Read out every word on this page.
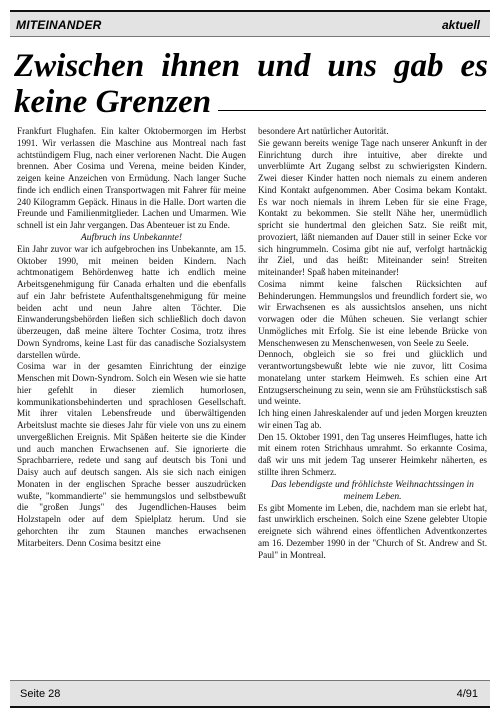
MITEINANDER	aktuell
Zwischen ihnen und uns gab es
keine Grenzen

Frankfurt Flughafen. Ein kalter Oktobermorgen im Herbst 1991. Wir verlassen die Maschine aus Montreal nach fast achtstündigem Flug, nach einer verlorenen Nacht. Die Augen brennen. Aber Cosima und Verena, meine beiden Kinder, zeigen keine Anzeichen von Ermüdung. Nach langer Suche finde ich endlich einen Transportwagen mit Fahrer für meine 240 Kilogramm Gepäck. Hinaus in die Halle. Dort warten die Freunde und Familienmitglieder. Lachen und Umarmen. Wie schnell ist ein Jahr vergangen. Das Abenteuer ist zu Ende.

Aufbruch ins Unbekannte!

Ein Jahr zuvor war ich aufgebrochen ins Unbekannte, am 15. Oktober 1990, mit meinen beiden Kindern. Nach achtmonatigem Behördenweg hatte ich endlich meine Arbeitsgenehmigung für Canada erhalten und die ebenfalls auf ein Jahr befristete Aufenthaltsgenehmigung für meine beiden acht und neun Jahre alten Töchter. Die Einwanderungsbehörden ließen sich schließlich doch davon überzeugen, daß meine ältere Tochter Cosima, trotz ihres Down Syndroms, keine Last für das canadische Sozialsystem darstellen würde.

Cosima war in der gesamten Einrichtung der einzige Menschen mit Down-Syndrom. Solch ein Wesen wie sie hatte hier gefehlt in dieser ziemlich humorlosen, kommunikationsbehinderten und sprachlosen Gesellschaft. Mit ihrer vitalen Lebensfreude und überwältigenden Arbeitslust machte sie dieses Jahr für viele von uns zu einem unvergeßlichen Ereignis. Mit Späßen heiterte sie die Kinder und auch manchen Erwachsenen auf. Sie ignorierte die Sprachbarriere, redete und sang auf deutsch bis Toni und Daisy auch auf deutsch sangen. Als sie sich nach einigen Monaten in der englischen Sprache besser auszudrücken wußte, "kommandierte" sie hemmungslos und selbstbewußt die "großen Jungs" des Jugendlichen-Hauses beim Holzstapeln oder auf dem Spielplatz herum. Und sie gehorchten ihr zum Staunen manches erwachsenen Mitarbeiters. Denn Cosima besitzt eine

besondere Art natürlicher Autorität.

Sie gewann bereits wenige Tage nach unserer Ankunft in der Einrichtung durch ihre intuitive, aber direkte und unverblümte Art Zugang selbst zu schwierigsten Kindern. Zwei dieser Kinder hatten noch niemals zu einem anderen Kind Kontakt aufgenommen. Aber Cosima bekam Kontakt. Es war noch niemals in ihrem Leben für sie eine Frage, Kontakt zu bekommen. Sie stellt Nähe her, unermüdlich spricht sie hundertmal den gleichen Satz. Sie reißt mit, provoziert, läßt niemanden auf Dauer still in seiner Ecke vor sich hingrummeln. Cosima gibt nie auf, verfolgt hartnäckig ihr Ziel, und das heißt: Miteinander sein! Streiten miteinander! Spaß haben miteinander!

Cosima nimmt keine falschen Rücksichten auf Behinderungen. Hemmungslos und freundlich fordert sie, wo wir Erwachsenen es als aussichtslos ansehen, uns nicht vorwagen oder die Mühen scheuen. Sie verlangt schier Unmögliches mit Erfolg. Sie ist eine lebende Brücke von Menschenwesen zu Menschenwesen, von Seele zu Seele.

Dennoch, obgleich sie so frei und glücklich und verantwortungsbewußt lebte wie nie zuvor, litt Cosima monatelang unter starkem Heimweh. Es schien eine Art Entzugserscheinung zu sein, wenn sie am Frühstückstisch saß und weinte.

Ich hing einen Jahreskalender auf und jeden Morgen kreuzten wir einen Tag ab.

Den 15. Oktober 1991, den Tag unseres Heimfluges, hatte ich mit einem roten Strichhaus umrahmt. So erkannte Cosima, daß wir uns mit jedem Tag unserer Heimkehr näherten, es stillte ihren Schmerz.

Das lebendigste und fröhlichste Weihnachtssingen in meinem Leben.

Es gibt Momente im Leben, die, nachdem man sie erlebt hat, fast unwirklich erscheinen. Solch eine Szene gelebter Utopie ereignete sich während eines öffentlichen Adventkonzertes am 16. Dezember 1990 in der "Church of St. Andrew and St. Paul" in Montreal.

Seite 28	4/91
